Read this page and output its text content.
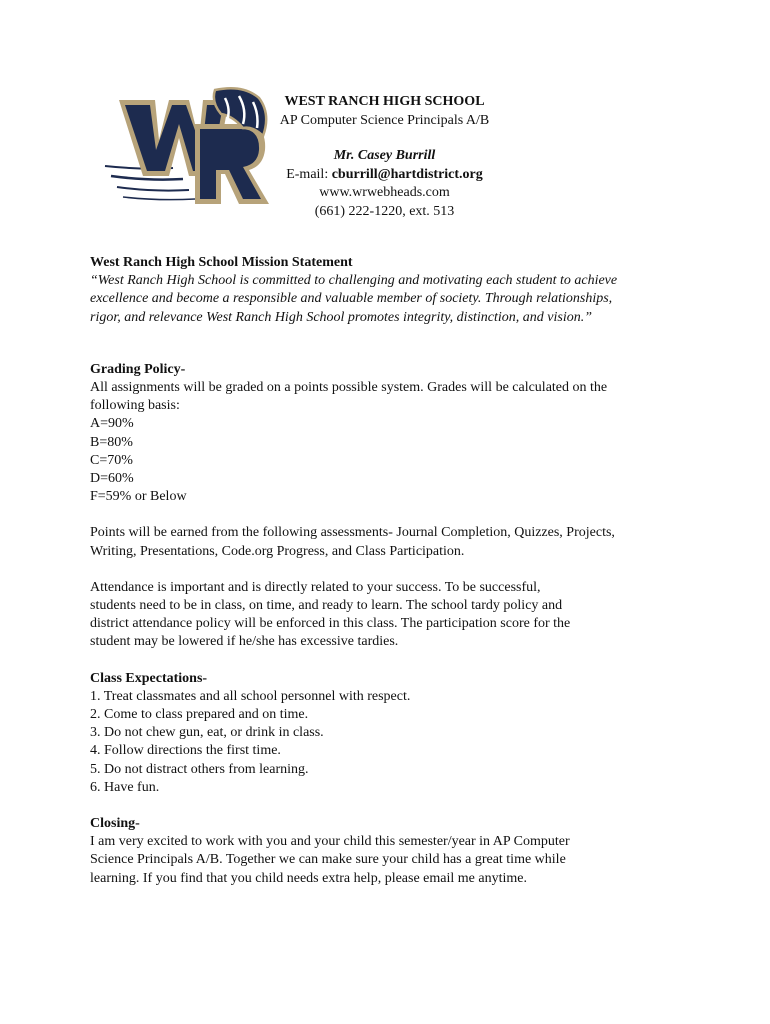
WEST RANCH HIGH SCHOOL
AP Computer Science Principals A/B
Mr. Casey Burrill
E-mail: cburrill@hartdistrict.org
www.wrwebheads.com
(661) 222-1220, ext. 513

West Ranch High School Mission Statement

“West Ranch High School is committed to challenging and motivating each student to achieve

excellence and become a responsible and valuable member of society. Through relationships,

rigor, and relevance West Ranch High School promotes integrity, distinction, and vision.”

Grading Policy-

All assignments will be graded on a points possible system. Grades will be calculated on the

following basis:

A=90%

B=80%

C=70%

D=60%

F=59% or Below

Points will be earned from the following assessments- Journal Completion, Quizzes, Projects,

Writing, Presentations, Code.org Progress, and Class Participation.

Attendance is important and is directly related to your success. To be successful,

students need to be in class, on time, and ready to learn. The school tardy policy and

district attendance policy will be enforced in this class. The participation score for the

student may be lowered if he/she has excessive tardies.

Class Expectations-

1. Treat classmates and all school personnel with respect.
2. Come to class prepared and on time.
3. Do not chew gun, eat, or drink in class.
4. Follow directions the first time.
5. Do not distract others from learning.
6. Have fun.

Closing-

I am very excited to work with you and your child this semester/year in AP Computer

Science Principals A/B. Together we can make sure your child has a great time while

learning. If you find that you child needs extra help, please email me anytime.
